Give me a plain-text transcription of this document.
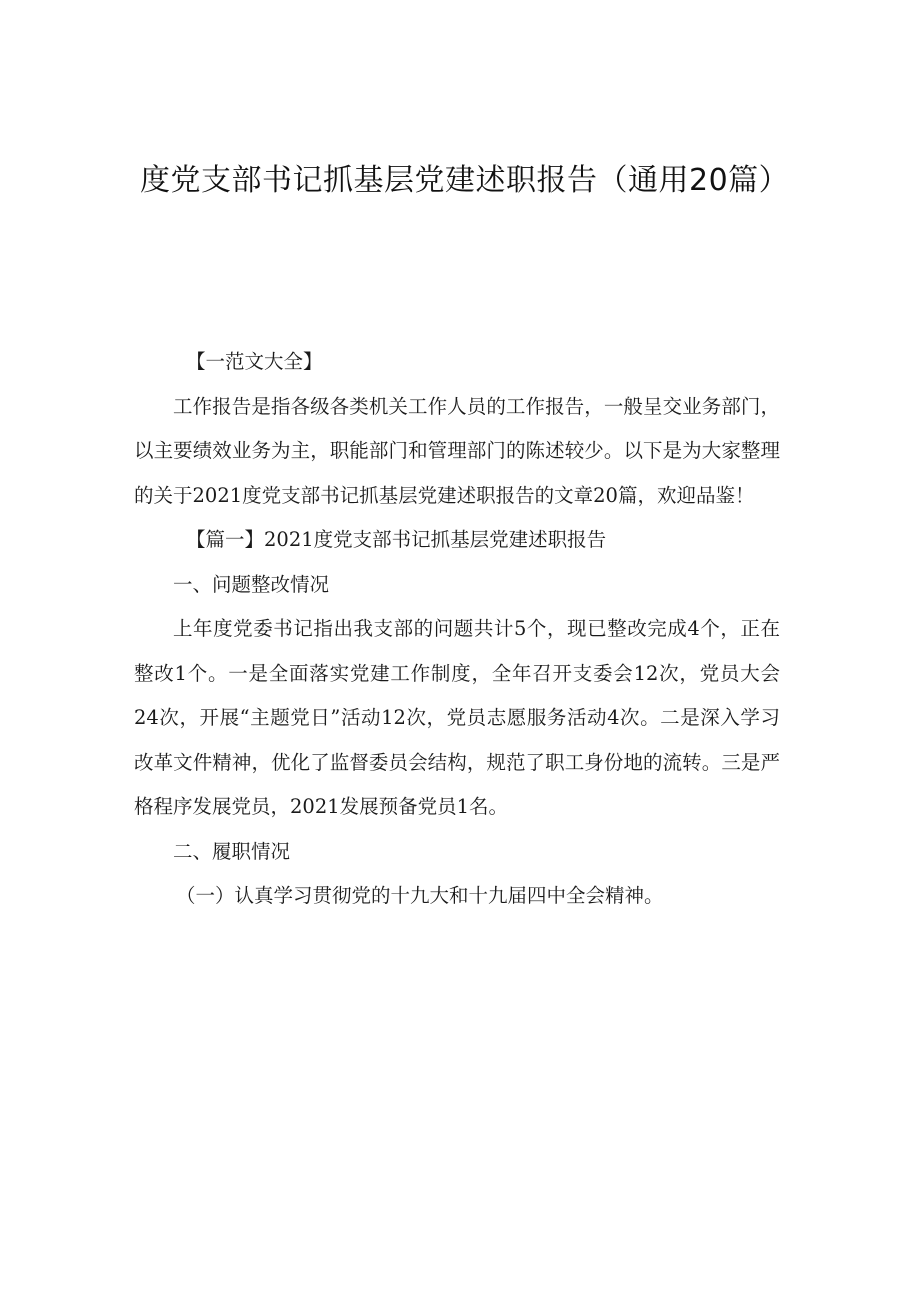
度党支部书记抓基层党建述职报告（通用20篇）

【一范文大全】

工作报告是指各级各类机关工作人员的工作报告，一般呈交业务部门，以主要绩效业务为主，职能部门和管理部门的陈述较少。以下是为大家整理的关于2021度党支部书记抓基层党建述职报告的文章20篇，欢迎品鉴！

【篇一】2021度党支部书记抓基层党建述职报告

一、问题整改情况

上年度党委书记指出我支部的问题共计5个，现已整改完成4个，正在整改1个。一是全面落实党建工作制度，全年召开支委会12次，党员大会24次，开展“主题党日”活动12次，党员志愿服务活动4次。二是深入学习改革文件精神，优化了监督委员会结构，规范了职工身份地的流转。三是严格程序发展党员，2021发展预备党员1名。

二、履职情况

（一）认真学习贯彻党的十九大和十九届四中全会精神。
